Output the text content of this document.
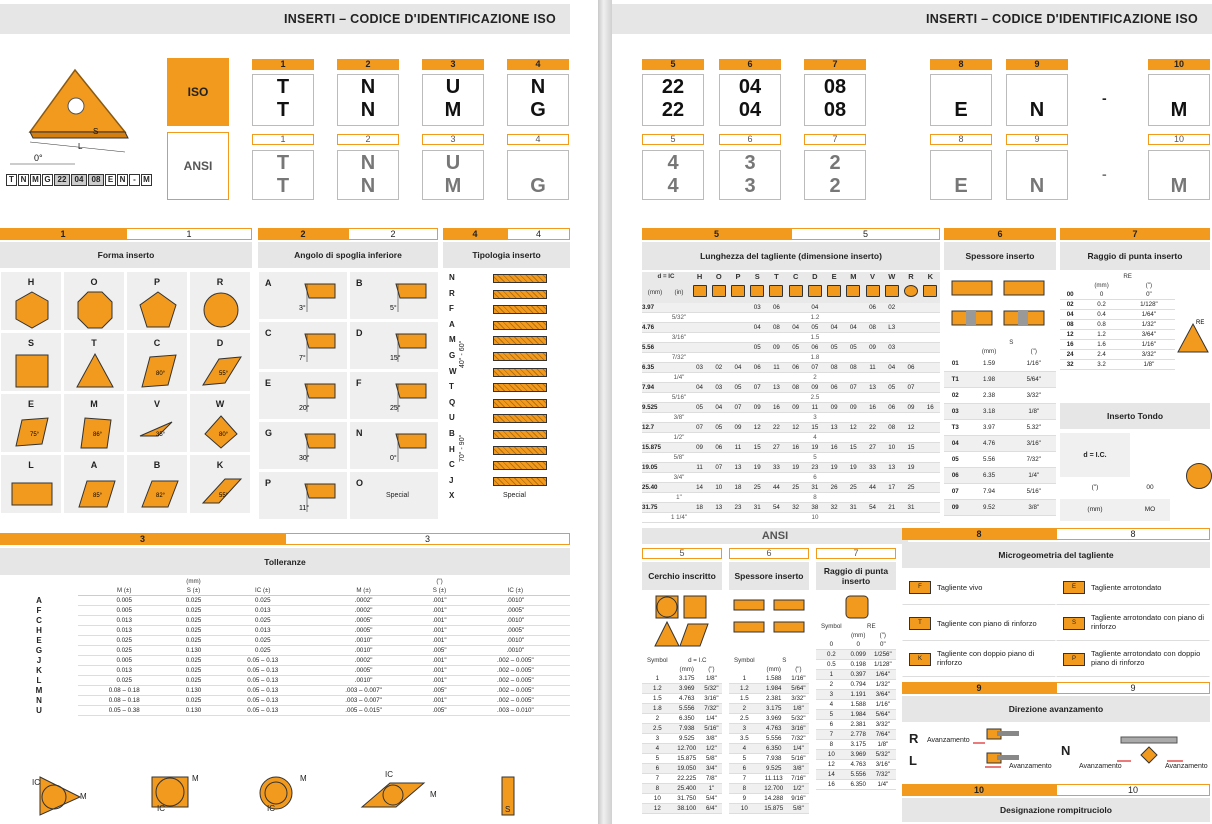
INSERTI – CODICE D'IDENTIFICAZIONE ISO
S
L
0°
T N M G 22	04	08 E N - M
ISO
ANSI
1
T
T
1
T
T
2
N
N
2
N
N
3
U
M
3
U
M
4
N
G
4
G
1	1
Forma inserto
H	O	P	R
S	T	C
80°
D
55°
E
75°
M
86°
V
35°
W
80°
L	A
85°
B
82°
K
55°
2	2
Angolo di spoglia inferiore
A
3°
B
5°
C
7°
D
15°
E
20°
F
25°
G
30°
N
0°
P
11°
O
Special
4	4
Tipologia inserto
N
R
F
A
M
G
W
T
Q
U
B
H
C
J
X	Special
40° - 60°
70° - 90°
3	3
Tolleranze
	(mm)			(")		
	M (±)	S (±)	IC (±)		M (±)	S (±)	IC (±)
A	0.005	0.025	0.025		.0002"	.001"	.0010"
F	0.005	0.025	0.013		.0002"	.001"	.0005"
C	0.013	0.025	0.025		.0005"	.001"	.0010"
H	0.013	0.025	0.013		.0005"	.001"	.0005"
E	0.025	0.025	0.025		.0010"	.001"	.0010"
G	0.025	0.130	0.025		.0010"	.005"	.0010"
J	0.005	0.025	0.05 – 0.13		.0002"	.001"	.002 – 0.005"
K	0.013	0.025	0.05 – 0.13		.0005"	.001"	.002 – 0.005"
L	0.025	0.025	0.05 – 0.13		.0010"	.001"	.002 – 0.005"
M	0.08 – 0.18	0.130	0.05 – 0.13		.003 – 0.007"	.005"	.002 – 0.005"
N	0.08 – 0.18	0.025	0.05 – 0.13		.003 – 0.007"	.001"	.002 – 0.005"
U	0.05 – 0.38	0.130	0.05 – 0.13		.005 – 0.015"	.005"	.003 – 0.010"
IC
M
IC
M
IC
M	IC
M
S
INSERTI – CODICE D'IDENTIFICAZIONE ISO
5
22
22
5
4
4
6
04
04
6
3
3
7
08
08
7
2
2
8
E
8
E
9
N
9
N
10
M
10
M
-
-
5	5
Lunghezza del tagliente (dimensione inserto)
d = IC		H	O	P	S	T	C	D	E	M	V	W	R	K
(mm)	(in)													
3.97					03	06		04			06	02		
	5/32"	1.2												
4.76					04	08	04	05	04	04	08	L3		
	3/16"	1.5												
5.56					05	09	05	06	05	05	09	03		
	7/32"	1.8												
6.35		03	02	04	06	11	06	07	08	08	11	04	06	
	1/4"	2												
7.94		04	03	05	07	13	08	09	06	07	13	05	07	
	5/16"	2.5												
9.525		05	04	07	09	16	09	11	09	09	16	06	09	16
	3/8"	3												
12.7		07	05	09	12	22	12	15	13	12	22	08	12	
	1/2"	4												
15.875		09	06	11	15	27	16	19	16	15	27	10	15	
	5/8"	5												
19.05		11	07	13	19	33	19	23	19	19	33	13	19	
	3/4"	6												
25.40		14	10	18	25	44	25	31	26	25	44	17	25	
	1"	8												
31.75		18	13	23	31	54	32	38	32	31	54	21	31	
	1 1/4"	10												
6
Spessore inserto
	S	
	(mm)	(")
01	1.59	1/16"
T1	1.98	5/64"
02	2.38	3/32"
03	3.18	1/8"
T3	3.97	5.32"
04	4.76	3/16"
05	5.56	7/32"
06	6.35	1/4"
07	7.94	5/16"
09	9.52	3/8"
7
Raggio di punta inserto
	RE	
	(mm)	(")
00	0	0"
02	0.2	1/128"
04	0.4	1/64"
08	0.8	1/32"
12	1.2	3/64"
16	1.6	1/16"
24	2.4	3/32"
32	3.2	1/8"
RE
Inserto Tondo
d = I.C.
(")	00
(mm)	MO
ANSI
5	6	7
Cerchio inscritto	Spessore inserto	Raggio di punta inserto
Symbol	d = I.C	
	(mm)	(")
1	3.175	1/8"
1.2	3.969	5/32"
1.5	4.763	3/16"
1.8	5.556	7/32"
2	6.350	1/4"
2.5	7.938	5/16"
3	9.525	3/8"
4	12.700	1/2"
5	15.875	5/8"
6	19.050	3/4"
7	22.225	7/8"
8	25.400	1"
10	31.750	5/4"
12	38.100	6/4"
Symbol	S	
	(mm)	(")
1	1.588	1/16"
1.2	1.984	5/64"
1.5	2.381	3/32"
2	3.175	1/8"
2.5	3.969	5/32"
3	4.763	3/16"
3.5	5.556	7/32"
4	6.350	1/4"
5	7.938	5/16"
6	9.525	3/8"
7	11.113	7/16"
8	12.700	1/2"
9	14.288	9/16"
10	15.875	5/8"
Symbol	RE	
	(mm)	(")
0	0	0"
0.2	0.099	1/256"
0.5	0.198	1/128"
1	0.397	1/64"
2	0.794	1/32"
3	1.191	3/64"
4	1.588	1/16"
5	1.984	5/64"
6	2.381	3/32"
7	2.778	7/64"
8	3.175	1/8"
10	3.969	5/32"
12	4.763	3/16"
14	5.556	7/32"
16	6.350	1/4"
8	8
Microgeometria del tagliente
F	Tagliente vivo	E	Tagliente arrotondato
T	Tagliente con piano di rinforzo	S
Tagliente arrotondato con piano di rinforzo
K
Tagliente con doppio piano di rinforzo	P
Tagliente arrotondato con doppio piano di rinforzo
9	9
Direzione avanzamento
R
L
Avanzamento
Avanzamento
N
Avanzamento	Avanzamento
10	10
Designazione rompitruciolo
